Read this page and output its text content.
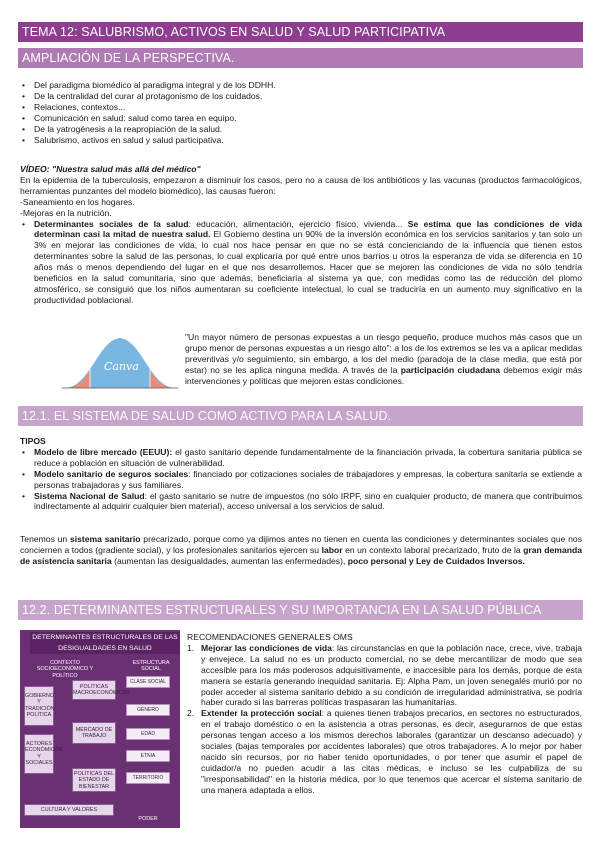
TEMA 12: SALUBRISMO, ACTIVOS EN SALUD Y SALUD PARTICIPATIVA
AMPLIACIÓN DE LA PERSPECTIVA.
• Del paradigma biomédico al paradigma integral y de los DDHH.
• De la centralidad del curar al protagonismo de los cuidados.
• Relaciones, contextos...
• Comunicación en salud: salud como tarea en equipo.
• De la yatrogénesis a la reapropiación de la salud.
• Salubrismo, activos en salud y salud participativa.
VÍDEO: "Nuestra salud más allá del médico"
En la epidemia de la tuberculosis, empezaron a disminuir los casos, pero no a causa de los antibióticos y las vacunas (productos farmacológicos, herramientas punzantes del modelo biomédico), las causas fueron:
-Saneamiento en los hogares.
-Mejoras en la nutrición.
• Determinantes sociales de la salud: educación, alimentación, ejercicio físico, vivienda... Se estima que las condiciones de vida determinan casi la mitad de nuestra salud. El Gobierno destina un 90% de la inversión económica en los servicios sanitarios y tan solo un 3% en mejorar las condiciones de vida, lo cual nos hace pensar en que no se está concienciando de la influencia que tienen estos determinantes sobre la salud de las personas, lo cual explicaría por qué entre unos barrios u otros la esperanza de vida se diferencia en 10 años más o menos dependiendo del lugar en el que nos desarrollemos. Hacer que se mejoren las condiciones de vida no sólo tendría beneficios en la salud comunitaria, sino que además, beneficiaría al sistema ya que, con medidas como las de reducción del plomo atmosférico, se consiguió que los niños aumentaran su coeficiente intelectual, lo cual se traduciría en un aumento muy significativo en la productividad poblacional.
Canva
"Un mayor número de personas expuestas a un riesgo pequeño, produce muchos más casos que un grupo menor de personas expuestas a un riesgo alto": a los de los extremos se les va a aplicar medidas preventivas y/o seguimiento, sin embargo, a los del medio (paradoja de la clase media, que está por estar) no se les aplica ninguna medida. A través de la participación ciudadana debemos exigir más intervenciones y políticas que mejoren estas condiciones.
12.1. EL SISTEMA DE SALUD COMO ACTIVO PARA LA SALUD.
TIPOS
• Modelo de libre mercado (EEUU): el gasto sanitario depende fundamentalmente de la financiación privada, la cobertura sanitaria pública se reduce a población en situación de vulnerabilidad.
• Modelo sanitario de seguros sociales: financiado por cotizaciones sociales de trabajadores y empresas, la cobertura sanitaria se extiende a personas trabajadoras y sus familiares.
• Sistema Nacional de Salud: el gasto sanitario se nutre de impuestos (no sólo IRPF, sino en cualquier producto, de manera que contribuimos indirectamente al adquirir cualquier bien material), acceso universal a los servicios de salud.
Tenemos un sistema sanitario precarizado, porque como ya dijimos antes no tienen en cuenta las condiciones y determinantes sociales que nos conciernen a todos (gradiente social), y los profesionales sanitarios ejercen su labor en un contexto laboral precarizado, fruto de la gran demanda de asistencia sanitaria (aumentan las desigualdades, aumentan las enfermedades), poco personal y Ley de Cuidados Inversos.
12.2. DETERMINANTES ESTRUCTURALES Y SU IMPORTANCIA EN LA SALUD PÚBLICA
DETERMINANTES ESTRUCTURALES DE LAS DESIGUALDADES EN SALUD
CONTEXTO SOCIOECONÓMICO Y POLÍTICO
ESTRUCTURA SOCIAL
GOBIERNO Y TRADICIÓN POLÍTICA
ACTORES ECONÓMICOS Y SOCIALES
POLÍTICAS MACROECONÓMICAS
MERCADO DE TRABAJO
POLÍTICAS DEL ESTADO DE BIENESTAR
CULTURA Y VALORES
CLASE SOCIAL
GÉNERO
EDAD
ETNIA
TERRITORIO
PODER
RECOMENDACIONES GENERALES OMS
1. Mejorar las condiciones de vida: las circunstancias en que la población nace, crece, vive, trabaja y envejece. La salud no es un producto comercial, no se debe mercantilizar de modo que sea accesible para los más poderosos adquisitivamente, e inaccesible para los demás, porque de esta manera se estaría generando inequidad sanitaria. Ej: Alpha Pam, un joven senegalés murió por no poder acceder al sistema sanitario debido a su condición de irregularidad administrativa, se podría haber curado si las barreras políticas traspasaran las humanitarias.
2. Extender la protección social: a quienes tienen trabajos precarios, en sectores no estructurados, en el trabajo doméstico o en la asistencia a otras personas, es decir, asegurarnos de que estas personas tengan acceso a los mismos derechos laborales (garantizar un descanso adecuado) y sociales (bajas temporales por accidentes laborales) que otros trabajadores. A lo mejor por haber nacido sin recursos, por no haber tenido oportunidades, o por tener que asumir el papel de cuidador/a no pueden acudir a las citas médicas, e incluso se les culpabiliza de su "irresponsabilidad" en la historia médica, por lo que tenemos que acercar el sistema sanitario de una manera adaptada a ellos.
